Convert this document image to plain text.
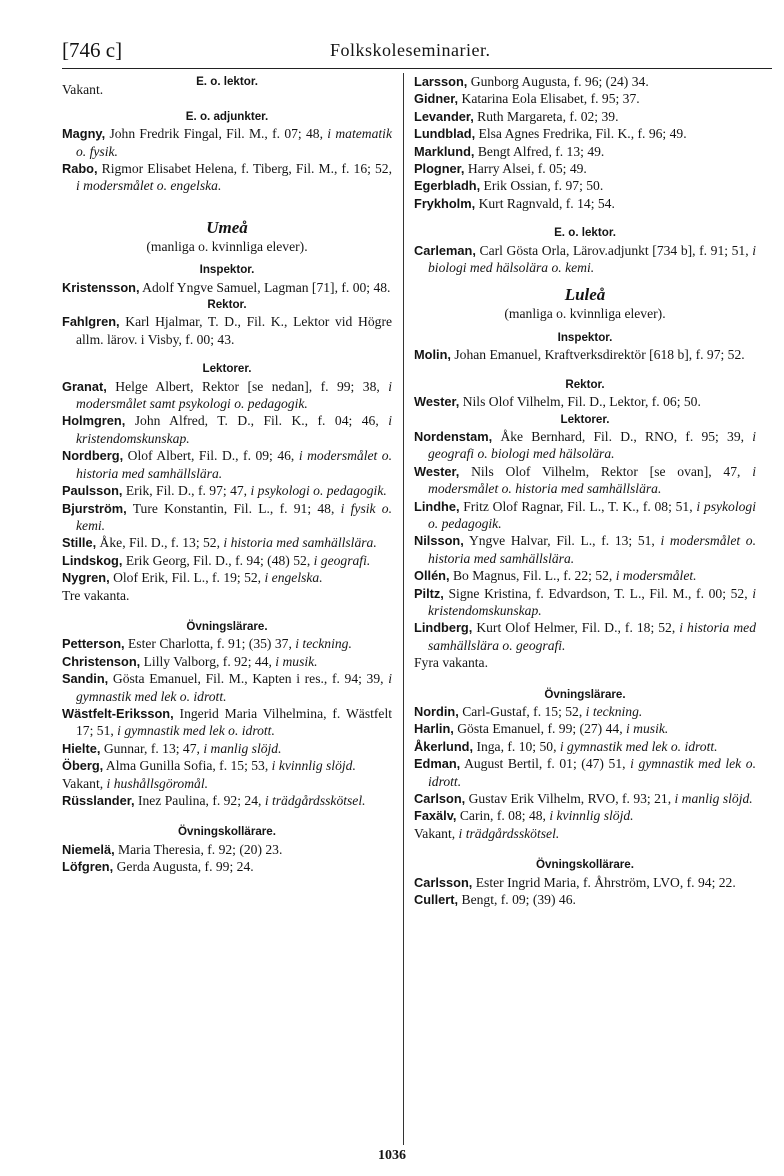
[746 c]	Folkskoleseminarier.
Vakant.
E. o. lektor.

E. o. adjunkter.

Magny, John Fredrik Fingal, Fil. M., f. 07; 48, i matematik o. fysik.

Rabo, Rigmor Elisabet Helena, f. Tiberg, Fil. M., f. 16; 52, i modersmålet o. engelska.

Umeå

(manliga o. kvinnliga elever).

Inspektor.

Kristensson, Adolf Yngve Samuel, Lagman [71], f. 00; 48.

Rektor.

Fahlgren, Karl Hjalmar, T. D., Fil. K., Lektor vid Högre allm. lärov. i Visby, f. 00; 43.

Lektorer.

Granat, Helge Albert, Rektor [se nedan], f. 99; 38, i modersmålet samt psykologi o. pedagogik.

Holmgren, John Alfred, T. D., Fil. K., f. 04; 46, i kristendomskunskap.

Nordberg, Olof Albert, Fil. D., f. 09; 46, i modersmålet o. historia med samhällslära.

Paulsson, Erik, Fil. D., f. 97; 47, i psykologi o. pedagogik.

Bjurström, Ture Konstantin, Fil. L., f. 91; 48, i fysik o. kemi.

Stille, Åke, Fil. D., f. 13; 52, i historia med samhällslära.

Lindskog, Erik Georg, Fil. D., f. 94; (48) 52, i geografi.

Nygren, Olof Erik, Fil. L., f. 19; 52, i engelska.

Tre vakanta.

Övningslärare.

Petterson, Ester Charlotta, f. 91; (35) 37, i teckning.

Christenson, Lilly Valborg, f. 92; 44, i musik.

Sandin, Gösta Emanuel, Fil. M., Kapten i res., f. 94; 39, i gymnastik med lek o. idrott.

Wästfelt-Eriksson, Ingerid Maria Vilhelmina, f. Wästfelt 17; 51, i gymnastik med lek o. idrott.

Hielte, Gunnar, f. 13; 47, i manlig slöjd.

Öberg, Alma Gunilla Sofia, f. 15; 53, i kvinnlig slöjd.

Vakant, i hushållsgöromål.

Rüsslander, Inez Paulina, f. 92; 24, i trädgårdsskötsel.

Övningskollärare.

Niemelä, Maria Theresia, f. 92; (20) 23.

Löfgren, Gerda Augusta, f. 99; 24.

Larsson, Gunborg Augusta, f. 96; (24) 34.

Gidner, Katarina Eola Elisabet, f. 95; 37.

Levander, Ruth Margareta, f. 02; 39.

Lundblad, Elsa Agnes Fredrika, Fil. K., f. 96; 49.

Marklund, Bengt Alfred, f. 13; 49.

Plogner, Harry Alsei, f. 05; 49.

Egerbladh, Erik Ossian, f. 97; 50.

Frykholm, Kurt Ragnvald, f. 14; 54.

E. o. lektor.

Carleman, Carl Gösta Orla, Lärov.adjunkt [734 b], f. 91; 51, i biologi med hälsolära o. kemi.

Luleå

(manliga o. kvinnliga elever).

Inspektor.

Molin, Johan Emanuel, Kraftverksdirektör [618 b], f. 97; 52.

Rektor.

Wester, Nils Olof Vilhelm, Fil. D., Lektor, f. 06; 50.

Lektorer.

Nordenstam, Åke Bernhard, Fil. D., RNO, f. 95; 39, i geografi o. biologi med hälsolära.

Wester, Nils Olof Vilhelm, Rektor [se ovan], 47, i modersmålet o. historia med samhällslära.

Lindhe, Fritz Olof Ragnar, Fil. L., T. K., f. 08; 51, i psykologi o. pedagogik.

Nilsson, Yngve Halvar, Fil. L., f. 13; 51, i modersmålet o. historia med samhällslära.

Ollén, Bo Magnus, Fil. L., f. 22; 52, i modersmålet.

Piltz, Signe Kristina, f. Edvardson, T. L., Fil. M., f. 00; 52, i kristendomskunskap.

Lindberg, Kurt Olof Helmer, Fil. D., f. 18; 52, i historia med samhällslära o. geografi.

Fyra vakanta.

Övningslärare.

Nordin, Carl-Gustaf, f. 15; 52, i teckning.

Harlin, Gösta Emanuel, f. 99; (27) 44, i musik.

Åkerlund, Inga, f. 10; 50, i gymnastik med lek o. idrott.

Edman, August Bertil, f. 01; (47) 51, i gymnastik med lek o. idrott.

Carlson, Gustav Erik Vilhelm, RVO, f. 93; 21, i manlig slöjd.

Faxälv, Carin, f. 08; 48, i kvinnlig slöjd.

Vakant, i trädgårdsskötsel.

Övningskollärare.

Carlsson, Ester Ingrid Maria, f. Åhrström, LVO, f. 94; 22.

Cullert, Bengt, f. 09; (39) 46.

1036
